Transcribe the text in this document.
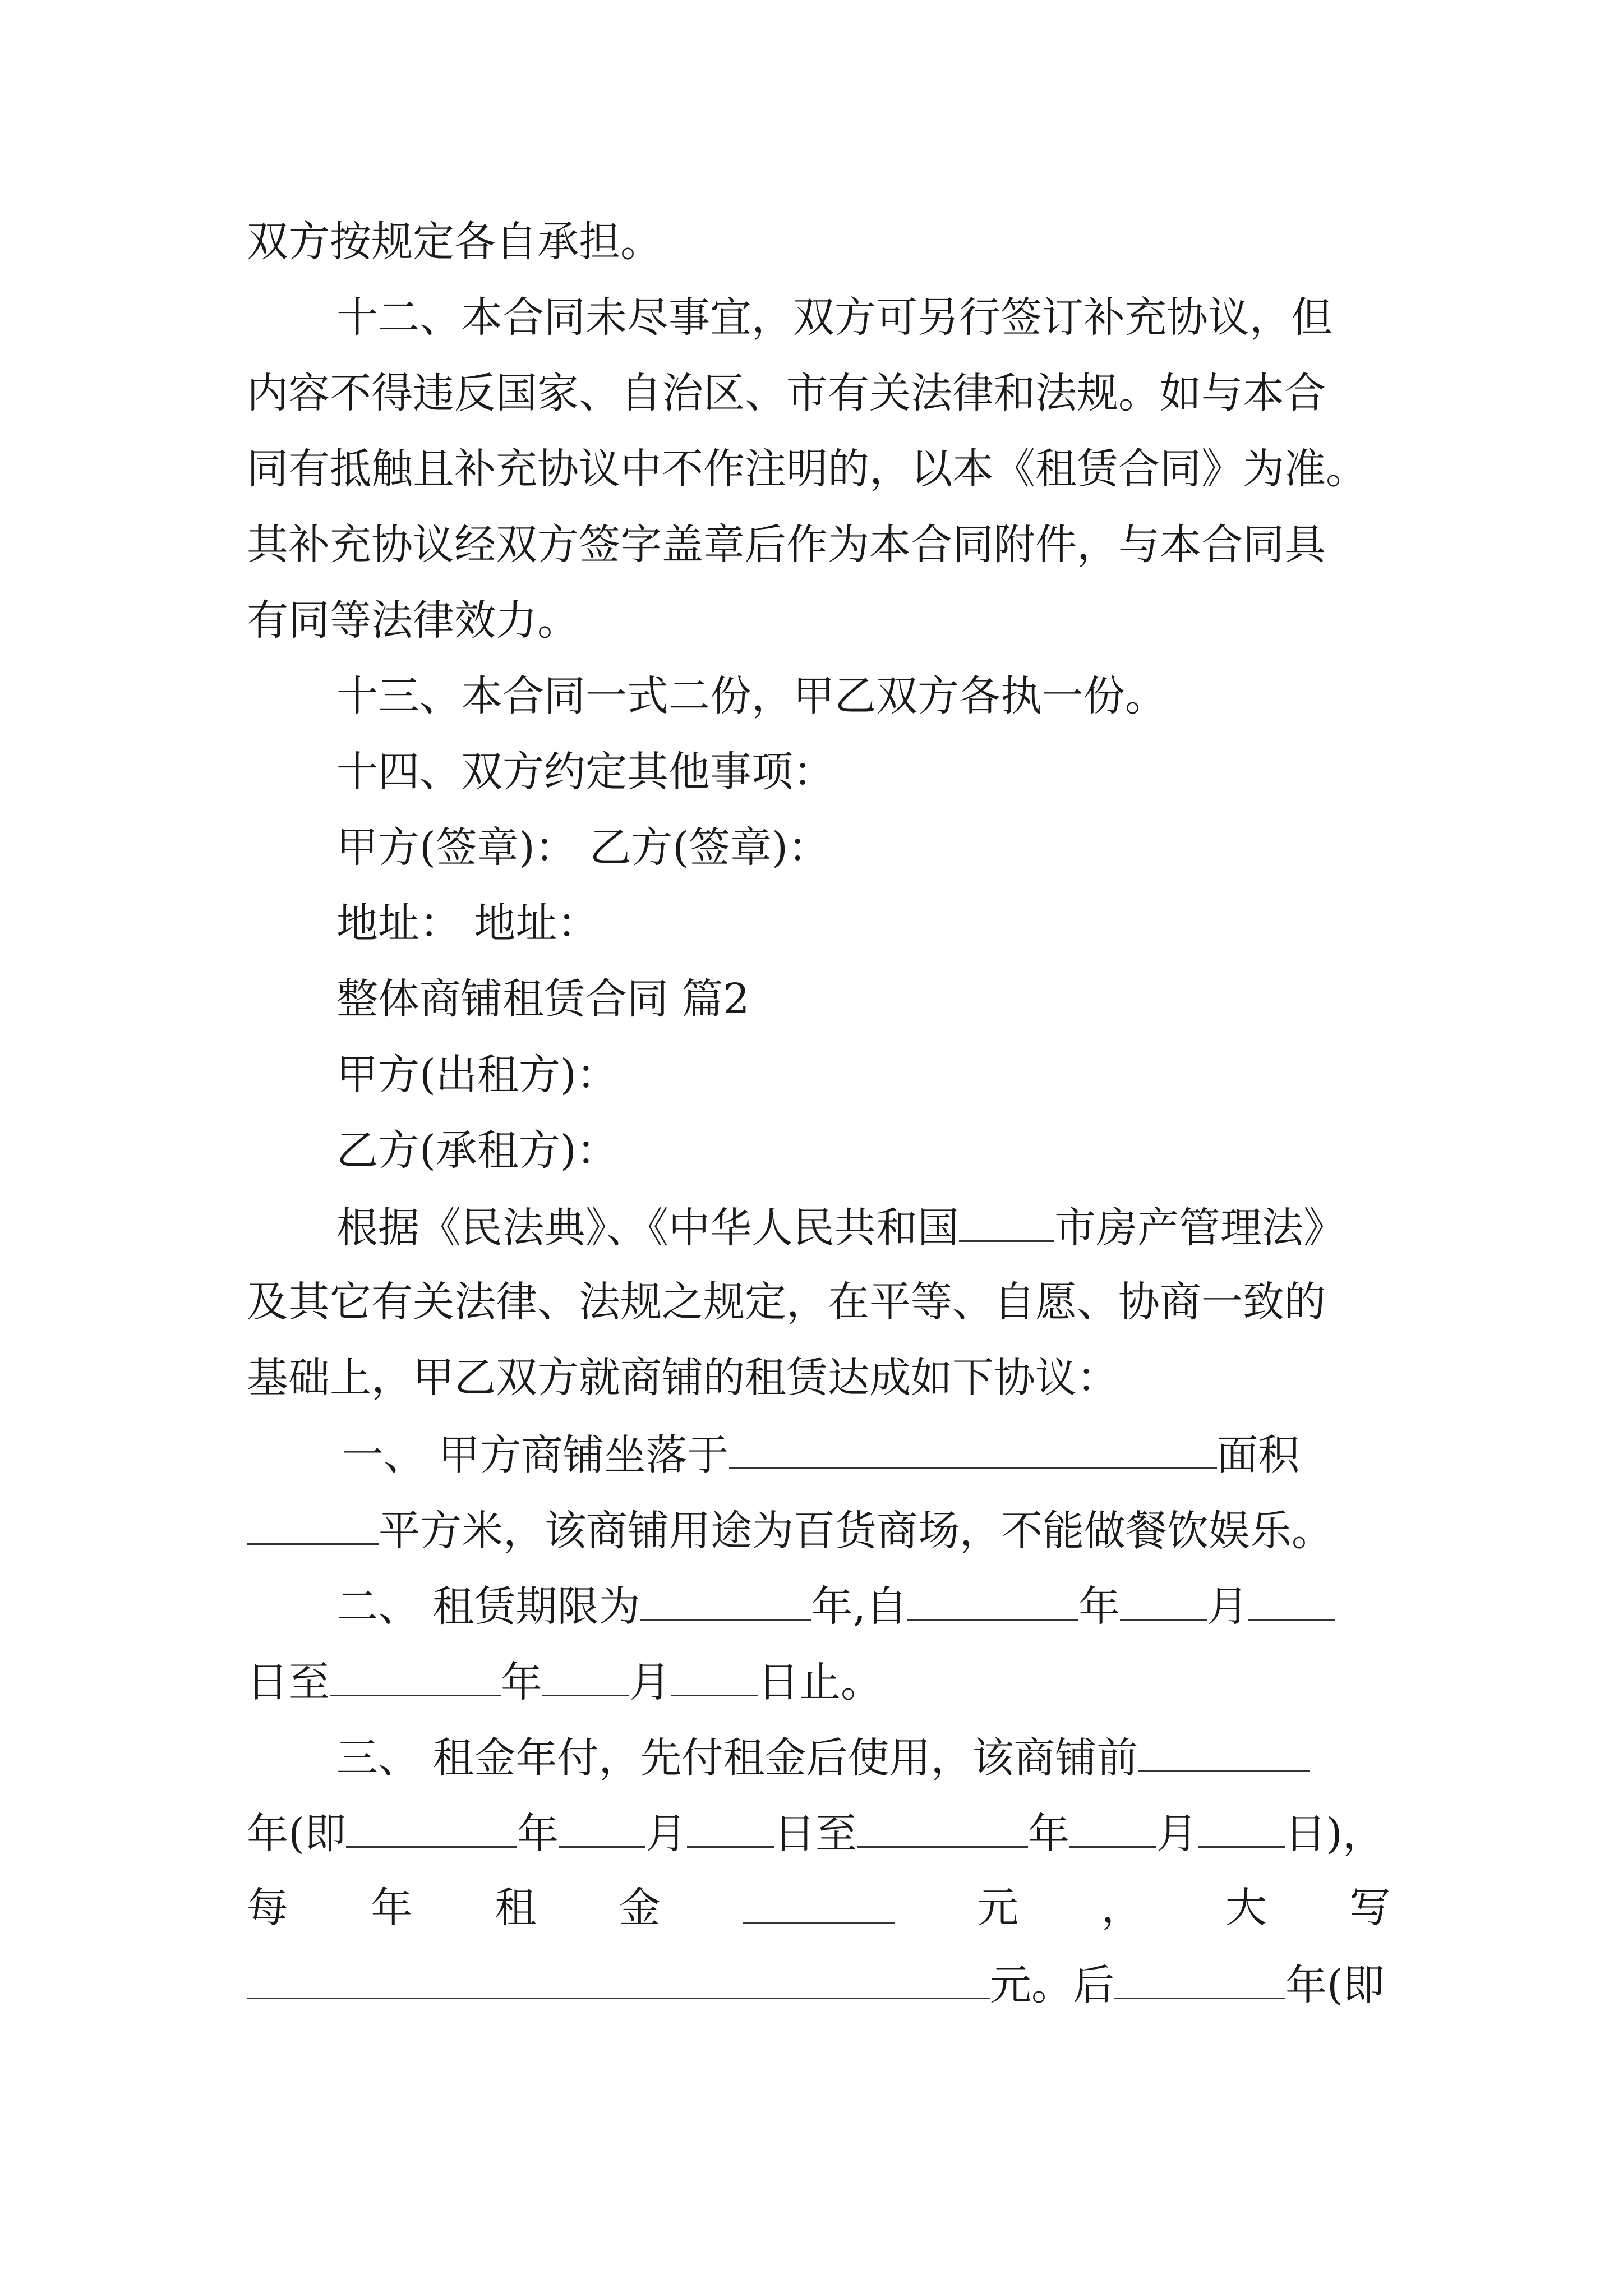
双方按规定各自承担。
十二、本合同未尽事宜，双方可另行签订补充协议，但
内容不得违反国家、自治区、市有关法律和法规。如与本合
同有抵触且补充协议中不作注明的，以本《租赁合同》为准。
其补充协议经双方签字盖章后作为本合同附件，与本合同具
有同等法律效力。
十三、本合同一式二份，甲乙双方各执一份。
十四、双方约定其他事项：
甲方(签章)： 乙方(签章)：
地址： 地址：
整体商铺租赁合同 篇2
甲方(出租方)：
乙方(承租方)：
根据《民法典》、《中华人民共和国 市房产管理法》
及其它有关法律、法规之规定，在平等、自愿、协商一致的
基础上，甲乙双方就商铺的租赁达成如下协议：
一、 甲方商铺坐落于	面积
平方米，该商铺用途为百货商场，不能做餐饮娱乐。
二、 租赁期限为	年,自	年 月
日至	年 月 日止。
三、 租金年付，先付租金后使用，该商铺前
年(即	年 月 日至	年 月 日)，
每 年 租 金	元 ， 大 写
元。后	年(即
